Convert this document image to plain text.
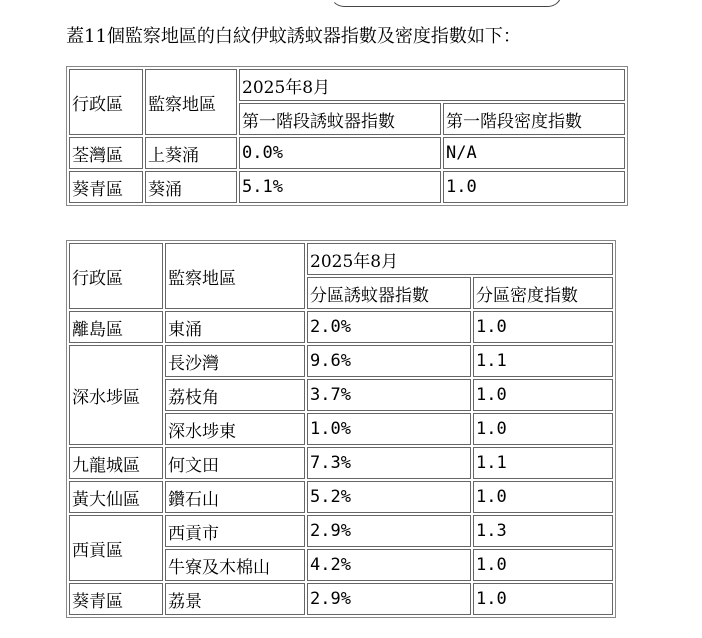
蓋11個監察地區的白紋伊蚊誘蚊器指數及密度指數如下：
行政區	監察地區	2025年8月	
		第一階段誘蚊器指數	第一階段密度指數
荃灣區	上葵涌	0.0%	N/A
葵青區	葵涌	5.1%	1.0
行政區	監察地區	2025年8月	
		分區誘蚊器指數	分區密度指數
離島區	東涌	2.0%	1.0
深水埗區	長沙灣	9.6%	1.1
	荔枝角	3.7%	1.0
	深水埗東	1.0%	1.0
九龍城區	何文田	7.3%	1.1
黃大仙區	鑽石山	5.2%	1.0
西貢區	西貢市	2.9%	1.3
	牛寮及木棉山	4.2%	1.0
葵青區	荔景	2.9%	1.0
